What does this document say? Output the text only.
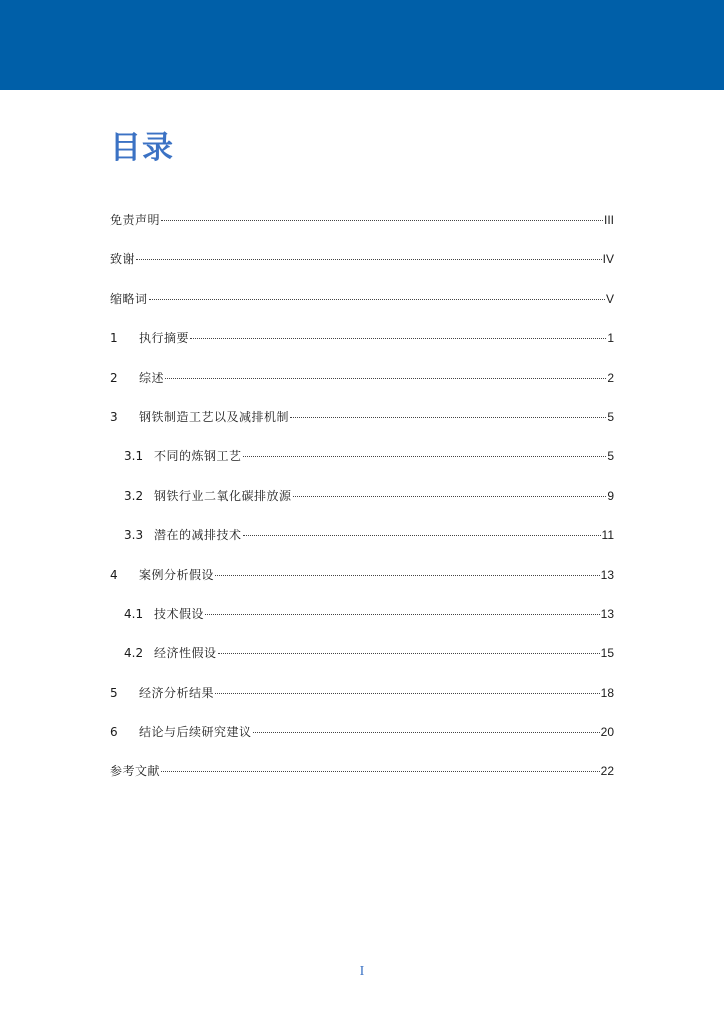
目录
免责声明	III
致谢	IV
缩略词	V
1	执行摘要	1
2	综述	2
3	钢铁制造工艺以及减排机制	5
3.1 不同的炼钢工艺	5
3.2 钢铁行业二氧化碳排放源	9
3.3 潜在的减排技术	11
4	案例分析假设	13
4.1 技术假设	13
4.2 经济性假设	15
5	经济分析结果	18
6	结论与后续研究建议	20
参考文献	22
I
